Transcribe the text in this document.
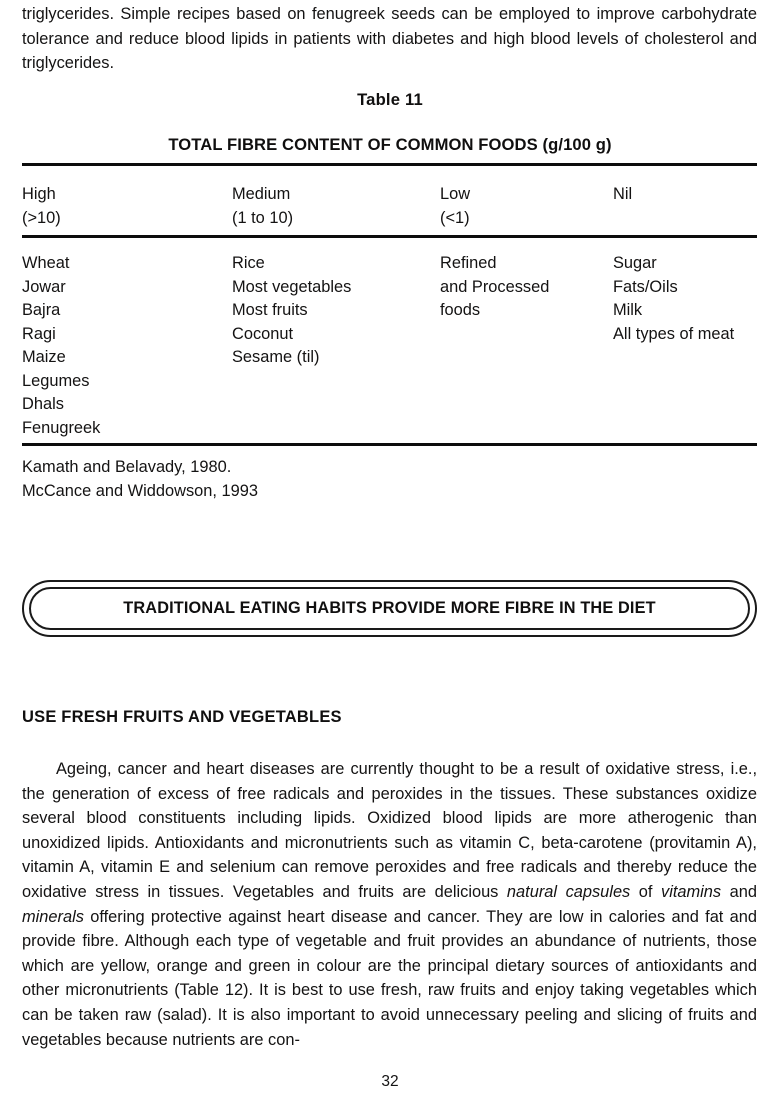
triglycerides. Simple recipes based on fenugreek seeds can be employed to improve carbohydrate tolerance and reduce blood lipids in patients with diabetes and high blood levels of cholesterol and triglycerides.
Table 11
TOTAL FIBRE CONTENT OF COMMON FOODS (g/100 g)
High
(>10)
Medium
(1 to 10)
Low
(<1)
Nil
Wheat
Jowar
Bajra
Ragi
Maize
Legumes
Dhals
Fenugreek
Rice
Most vegetables
Most fruits
Coconut
Sesame (til)
Refined
and Processed
foods
Sugar
Fats/Oils
Milk
All types of meat
Kamath and Belavady, 1980.
McCance and Widdowson, 1993
TRADITIONAL EATING HABITS PROVIDE MORE FIBRE IN THE DIET
USE FRESH FRUITS AND VEGETABLES
Ageing, cancer and heart diseases are currently thought to be a result of oxidative stress, i.e., the generation of excess of free radicals and peroxides in the tissues. These substances oxidize several blood constituents including lipids. Oxidized blood lipids are more atherogenic than unoxidized lipids. Antioxidants and micronutrients such as vitamin C, beta-carotene (provitamin A), vitamin A, vitamin E and selenium can remove peroxides and free radicals and thereby reduce the oxidative stress in tissues. Vegetables and fruits are delicious natural capsules of vitamins and minerals offering protective against heart disease and cancer. They are low in calories and fat and provide fibre. Although each type of vegetable and fruit provides an abundance of nutrients, those which are yellow, orange and green in colour are the principal dietary sources of antioxidants and other micronutrients (Table 12). It is best to use fresh, raw fruits and enjoy taking vegetables which can be taken raw (salad). It is also important to avoid unnecessary peeling and slicing of fruits and vegetables because nutrients are con-
32
